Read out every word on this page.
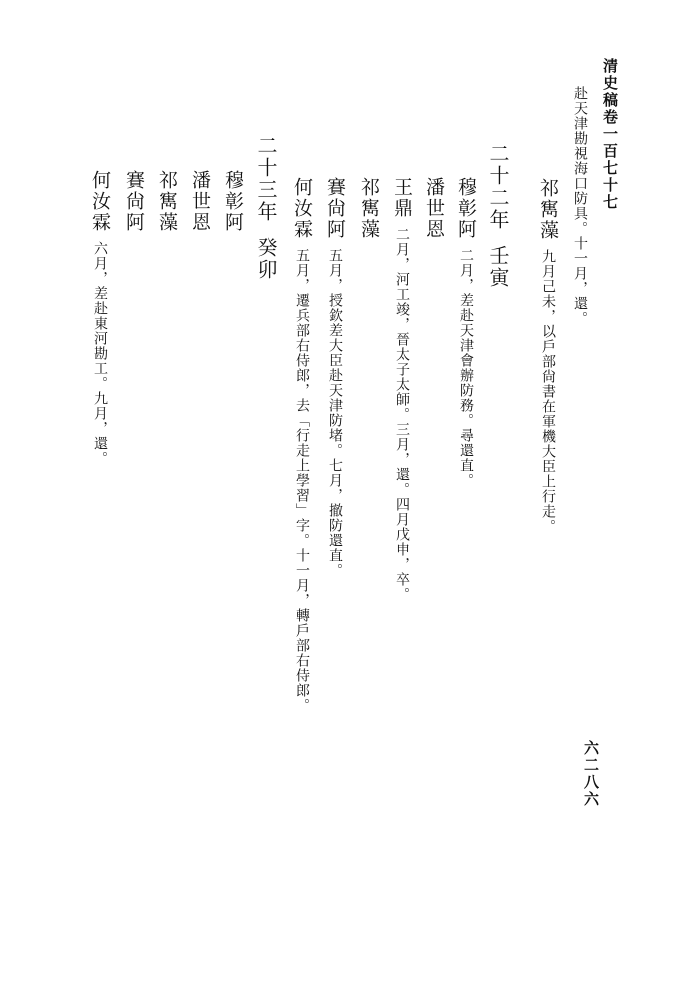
清史稿卷一百七十七
赴天津勘視海口防具。十一月，還。
祁寯藻九月己未，以戶部尙書在軍機大臣上行走。
二十二年壬寅
穆彰阿二月，差赴天津會辦防務。尋還直。
潘世恩
王鼎二月，河工竣，晉太子太師。三月，還。四月戊申，卒。
祁寯藻
賽尙阿五月，授欽差大臣赴天津防堵。七月，撤防還直。
何汝霖五月，遷兵部右侍郎，去「行走上學習」字。十一月，轉戶部右侍郎。
二十三年癸卯
穆彰阿
潘世恩
祁寯藻
賽尙阿
何汝霖六月，差赴東河勘工。九月，還。
六二八六
